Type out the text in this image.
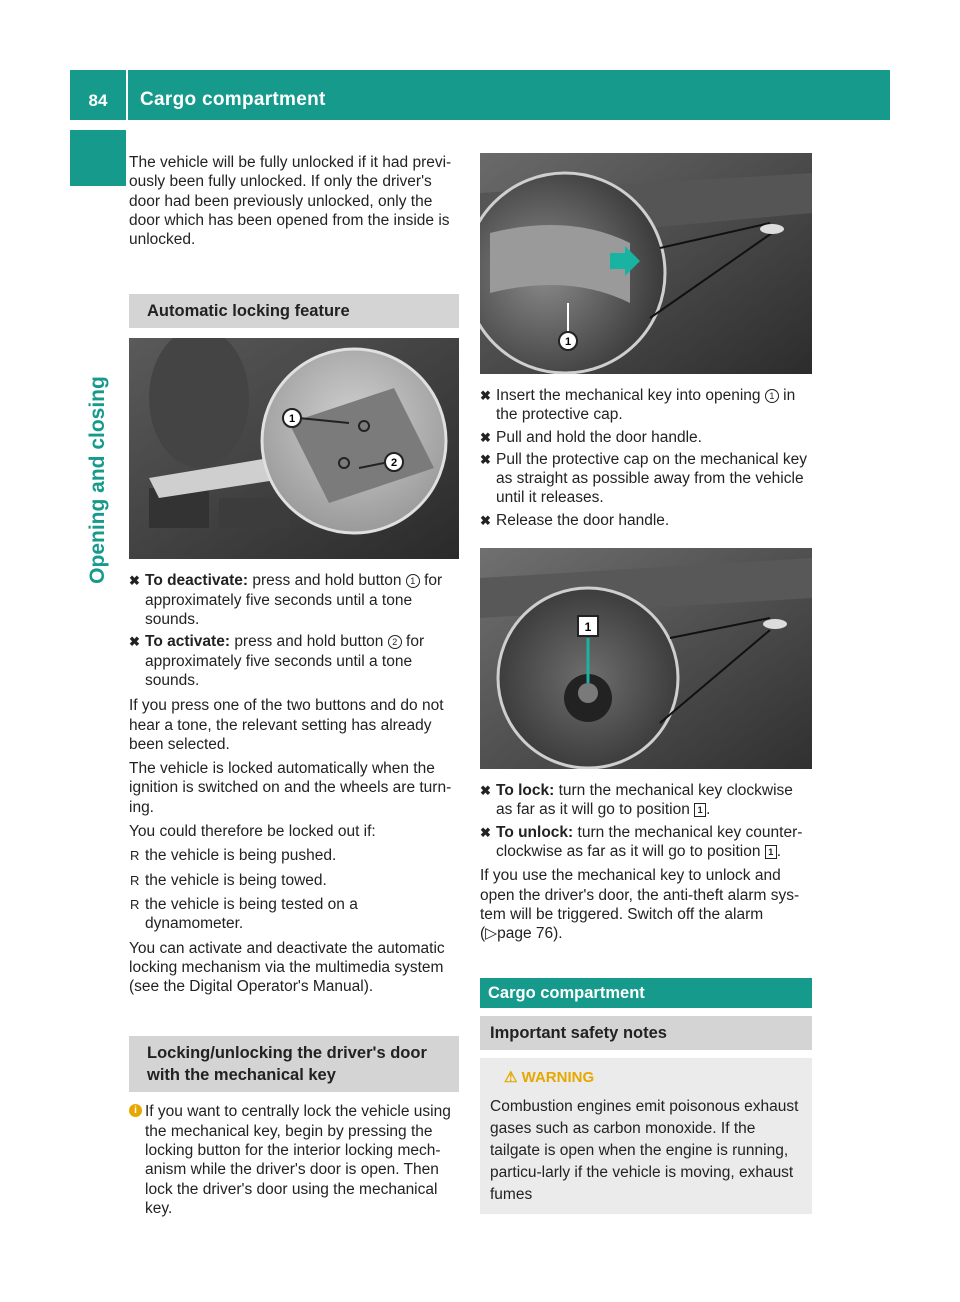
84	Cargo compartment
Opening and closing

The vehicle will be fully unlocked if it had previ-ously been fully unlocked. If only the driver's door had been previously unlocked, only the door which has been opened from the inside is unlocked.

Automatic locking feature
1
2
✖ To deactivate: press and hold button 1 for approximately five seconds until a tone sounds.
✖ To activate: press and hold button 2 for approximately five seconds until a tone sounds.

If you press one of the two buttons and do not hear a tone, the relevant setting has already been selected.

The vehicle is locked automatically when the ignition is switched on and the wheels are turn-ing.

You could therefore be locked out if:

R the vehicle is being pushed.
R the vehicle is being towed.
R the vehicle is being tested on a dynamometer.

You can activate and deactivate the automatic locking mechanism via the multimedia system (see the Digital Operator's Manual).

Locking/unlocking the driver's door with the mechanical key
i If you want to centrally lock the vehicle using the mechanical key, begin by pressing the locking button for the interior locking mech-anism while the driver's door is open. Then lock the driver's door using the mechanical key.
1
✖ Insert the mechanical key into opening 1 in the protective cap.
✖ Pull and hold the door handle.
✖ Pull the protective cap on the mechanical key as straight as possible away from the vehicle until it releases.
✖ Release the door handle.
1
✖ To lock: turn the mechanical key clockwise as far as it will go to position 1 .
✖ To unlock: turn the mechanical key counter-clockwise as far as it will go to position 1 .

If you use the mechanical key to unlock and open the driver's door, the anti-theft alarm sys-tem will be triggered. Switch off the alarm (▷page 76).

Cargo compartment
Important safety notes
⚠ WARNING
Combustion engines emit poisonous exhaust gases such as carbon monoxide. If the tailgate is open when the engine is running, particu-larly if the vehicle is moving, exhaust fumes
